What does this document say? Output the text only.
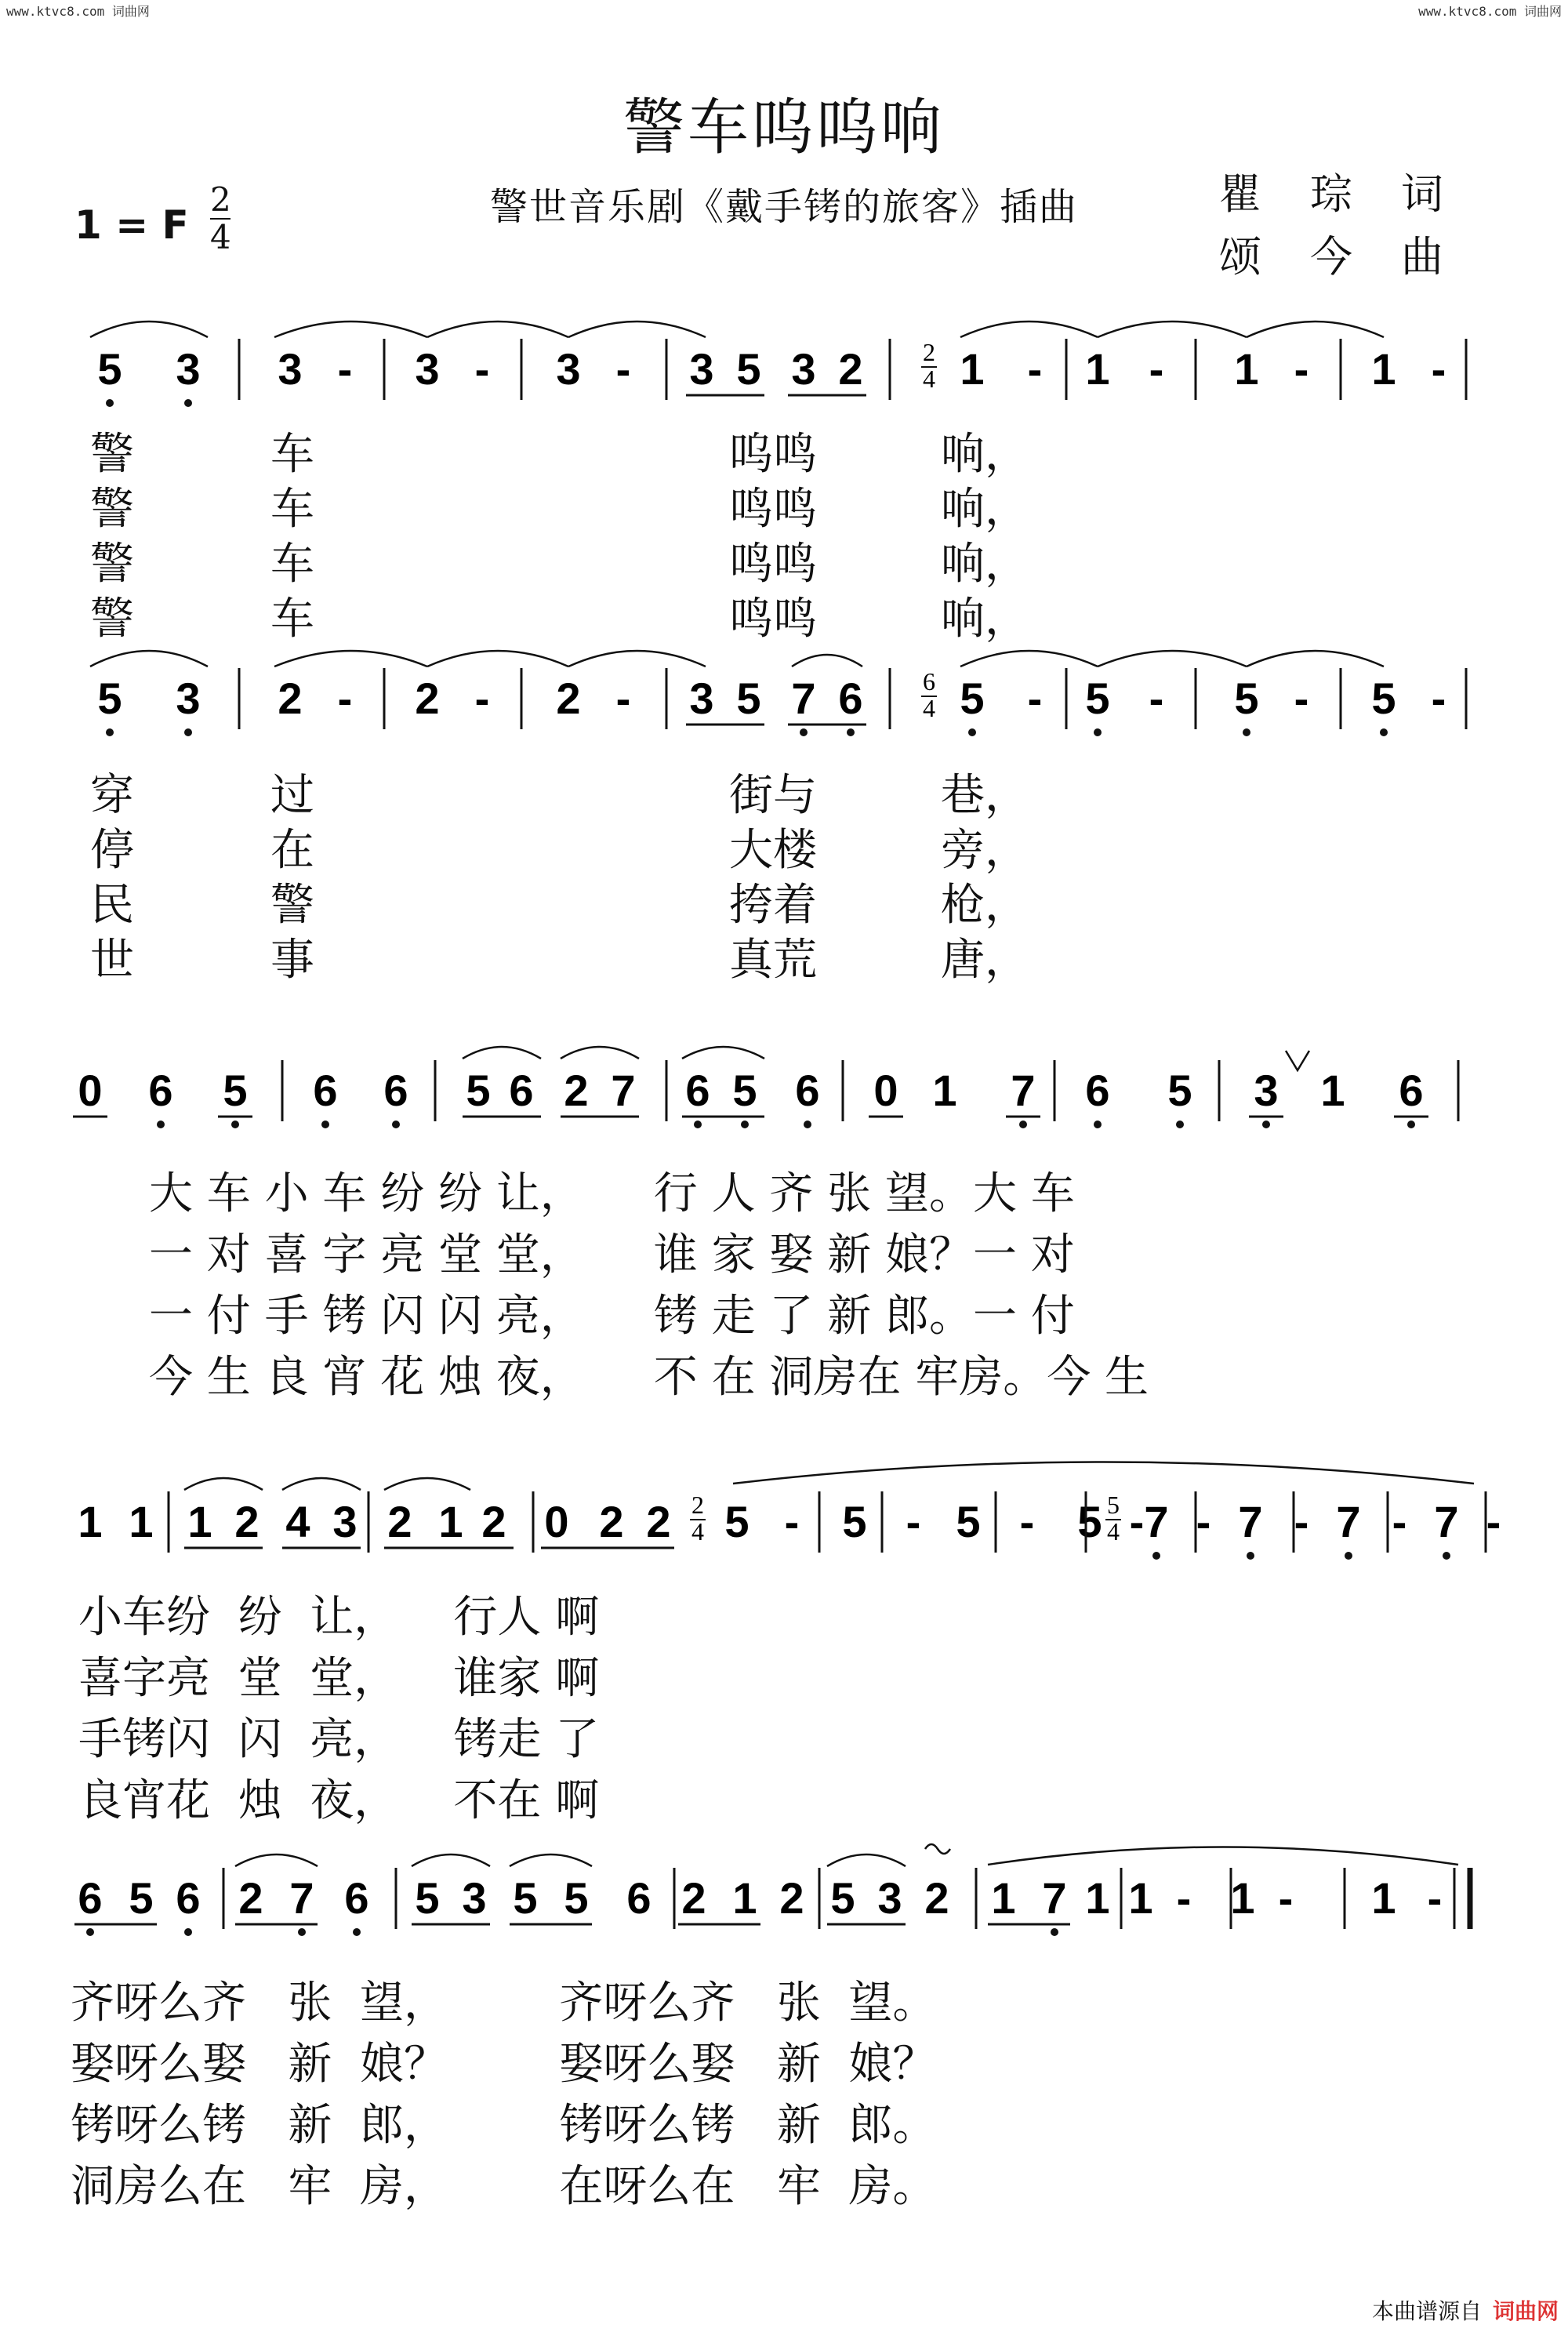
www.ktvc8.com 词曲网	www.ktvc8.com 词曲网
警车呜呜响
警世音乐剧《戴手铐的旅客》插曲
1 = F
2
4
瞿琮词
颂今曲
5 3 3 - 3 - 3 - 3 5 3 2 1 - 1 - 1 - 1 -
2
4
5 3 2 - 2 - 2 - 3 5 7 6 5 - 5 - 5 - 5 -
6
4
0 6 5 6 6 5 6 2 7 6 5 6 0 1 7 6 5 3 1 6
1 1 1 2 4 3 2 1 2 0 2 2 5 - 5 - 5 - 5 - 7 - 7 - 7 - 7 -
2
4
5
4
6 5 6 2 7 6 5 3 5 5 6 2 1 2 5 3 2 1 7 1 1 - 1 - 1 -
警	车	呜鸣	响，
警	车	鸣鸣	响，
警	车	鸣鸣	响，
警	车	鸣鸣	响，
穿	过	街与	巷，
停	在	大楼	旁，
民	警	挎着	枪，
世	事	真荒	唐，
大 车 小 车 纷 纷 让，     行 人 齐 张 望。大 车
一 对 喜 字 亮 堂 堂，     谁 家 娶 新 娘？一 对
一 付 手 铐 闪 闪 亮，     铐 走 了 新 郎。一 付
今 生 良 宵 花 烛 夜，     不 在 洞房在 牢房。今 生
小车纷  纷  让，    行人 啊
喜字亮  堂  堂，    谁家 啊
手铐闪  闪  亮，    铐走 了
良宵花  烛  夜，    不在 啊
齐呀么齐   张  望，        齐呀么齐   张  望。
娶呀么娶   新  娘？        娶呀么娶   新  娘？
铐呀么铐   新  郎，        铐呀么铐   新  郎。
洞房么在   牢  房，        在呀么在   牢  房。
本曲谱源自 词曲网
